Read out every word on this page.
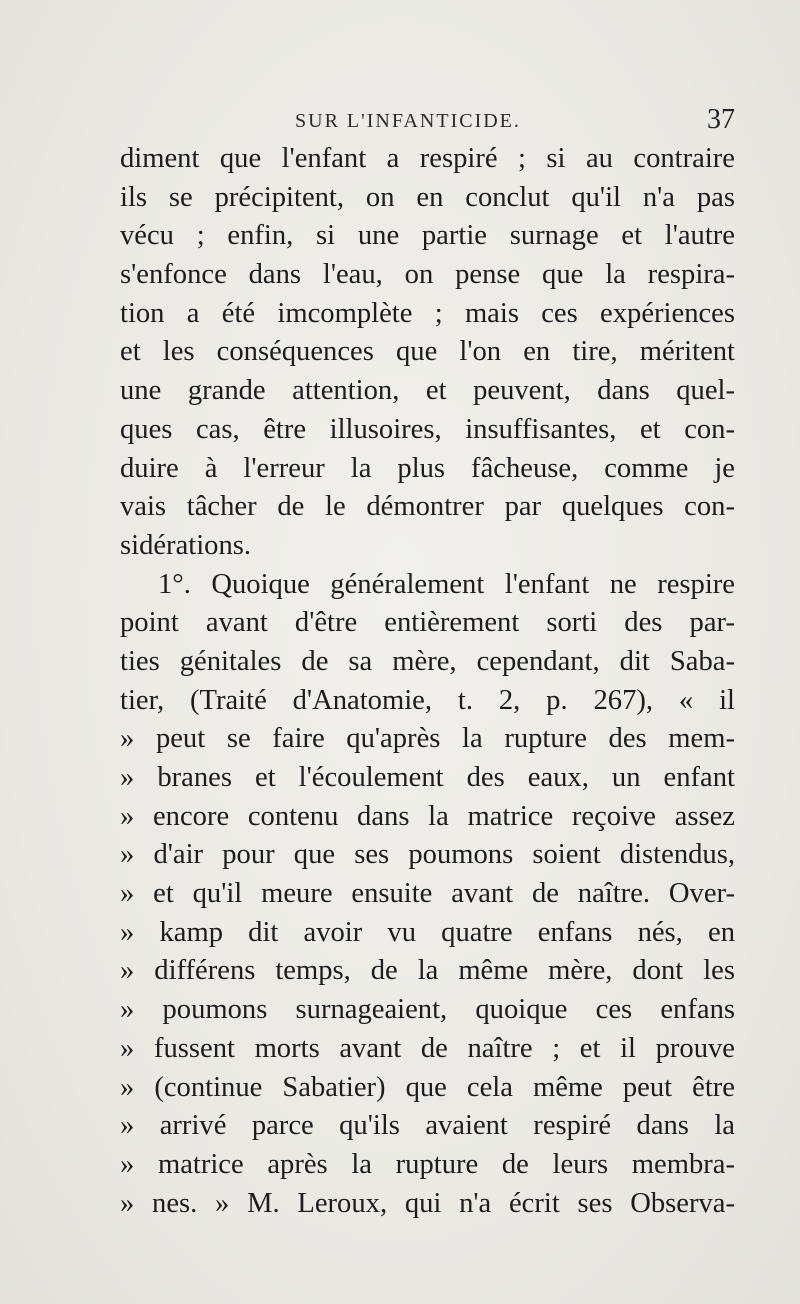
SUR L'INFANTICIDE.	37
diment que l'enfant a respiré ; si au contraire
ils se précipitent, on en conclut qu'il n'a pas
vécu ; enfin, si une partie surnage et l'autre
s'enfonce dans l'eau, on pense que la respira-
tion a été imcomplète ; mais ces expériences
et les conséquences que l'on en tire, méritent
une grande attention, et peuvent, dans quel-
ques cas, être illusoires, insuffisantes, et con-
duire à l'erreur la plus fâcheuse, comme je
vais tâcher de le démontrer par quelques con-
sidérations.
1°. Quoique généralement l'enfant ne respire
point avant d'être entièrement sorti des par-
ties génitales de sa mère, cependant, dit Saba-
tier, (Traité d'Anatomie, t. 2, p. 267), « il
» peut se faire qu'après la rupture des mem-
» branes et l'écoulement des eaux, un enfant
» encore contenu dans la matrice reçoive assez
» d'air pour que ses poumons soient distendus,
» et qu'il meure ensuite avant de naître. Over-
» kamp dit avoir vu quatre enfans nés, en
» différens temps, de la même mère, dont les
» poumons surnageaient, quoique ces enfans
» fussent morts avant de naître ; et il prouve
» (continue Sabatier) que cela même peut être
» arrivé parce qu'ils avaient respiré dans la
» matrice après la rupture de leurs membra-
» nes. » M. Leroux, qui n'a écrit ses Observa-
